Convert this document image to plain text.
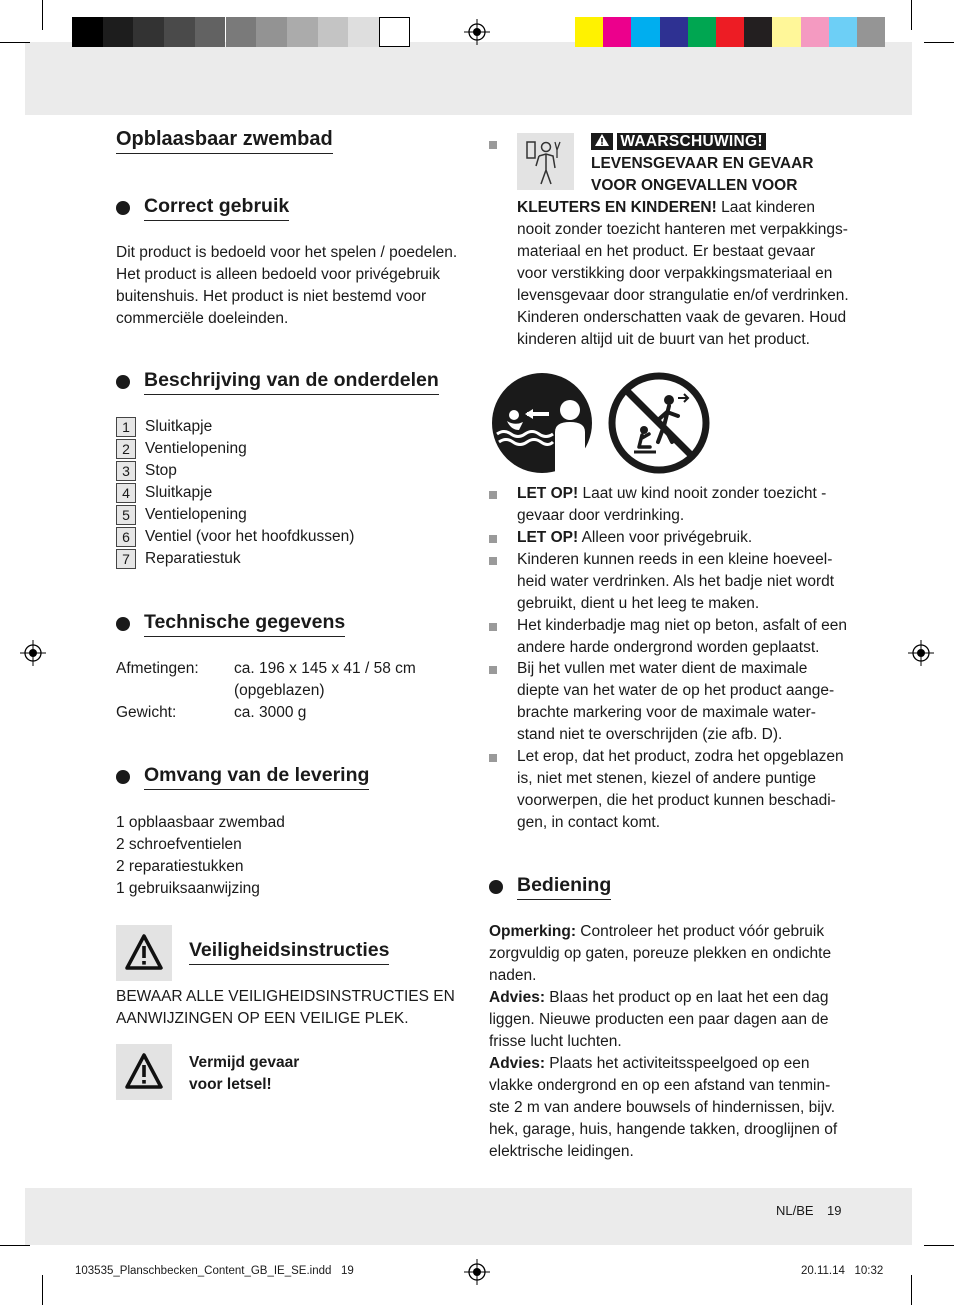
Opblaasbaar zwembad
Correct gebruik
Dit product is bedoeld voor het spelen / poedelen.
Het product is alleen bedoeld voor privégebruik
buitenshuis. Het product is niet bestemd voor
commerciële doeleinden.
Beschrijving van de onderdelen
1 Sluitkapje
2 Ventielopening
3 Stop
4 Sluitkapje
5 Ventielopening
6 Ventiel (voor het hoofdkussen)
7 Reparatiestuk
Technische gegevens
Afmetingen: ca. 196 x 145 x 41 / 58 cm
(opgeblazen)
Gewicht:	ca. 3000 g
Omvang van de levering
1 opblaasbaar zwembad
2 schroefventielen
2 reparatiestukken
1 gebruiksaanwijzing
Veiligheidsinstructies
BEWAAR ALLE VEILIGHEIDSINSTRUCTIES EN
AANWIJZINGEN OP EEN VEILIGE PLEK.
Vermijd gevaar
voor letsel!
WAARSCHUWING!
LEVENSGEVAAR EN GEVAAR
VOOR ONGEVALLEN VOOR
KLEUTERS EN KINDEREN! Laat kinderen
nooit zonder toezicht hanteren met verpakkings-
materiaal en het product. Er bestaat gevaar
voor verstikking door verpakkingsmateriaal en
levensgevaar door strangulatie en/of verdrinken.
Kinderen onderschatten vaak de gevaren. Houd
kinderen altijd uit de buurt van het product.
LET OP! Laat uw kind nooit zonder toezicht -
gevaar door verdrinking.
LET OP! Alleen voor privégebruik.
Kinderen kunnen reeds in een kleine hoeveel-
heid water verdrinken. Als het badje niet wordt
gebruikt, dient u het leeg te maken.
Het kinderbadje mag niet op beton, asfalt of een
andere harde ondergrond worden geplaatst.
Bij het vullen met water dient de maximale
diepte van het water de op het product aange-
brachte markering voor de maximale water-
stand niet te overschrijden (zie afb. D).
Let erop, dat het product, zodra het opgeblazen
is, niet met stenen, kiezel of andere puntige
voorwerpen, die het product kunnen beschadi-
gen, in contact komt.
Bediening
Opmerking: Controleer het product vóór gebruik
zorgvuldig op gaten, poreuze plekken en ondichte
naden.
Advies: Blaas het product op en laat het een dag
liggen. Nieuwe producten een paar dagen aan de
frisse lucht luchten.
Advies: Plaats het activiteitsspeelgoed op een
vlakke ondergrond en op een afstand van tenmin-
ste 2 m van andere bouwsels of hindernissen, bijv.
hek, garage, huis, hangende takken, drooglijnen of
elektrische leidingen.
NL/BE 19
103535_Planschbecken_Content_GB_IE_SE.indd   19	20.11.14   10:32
